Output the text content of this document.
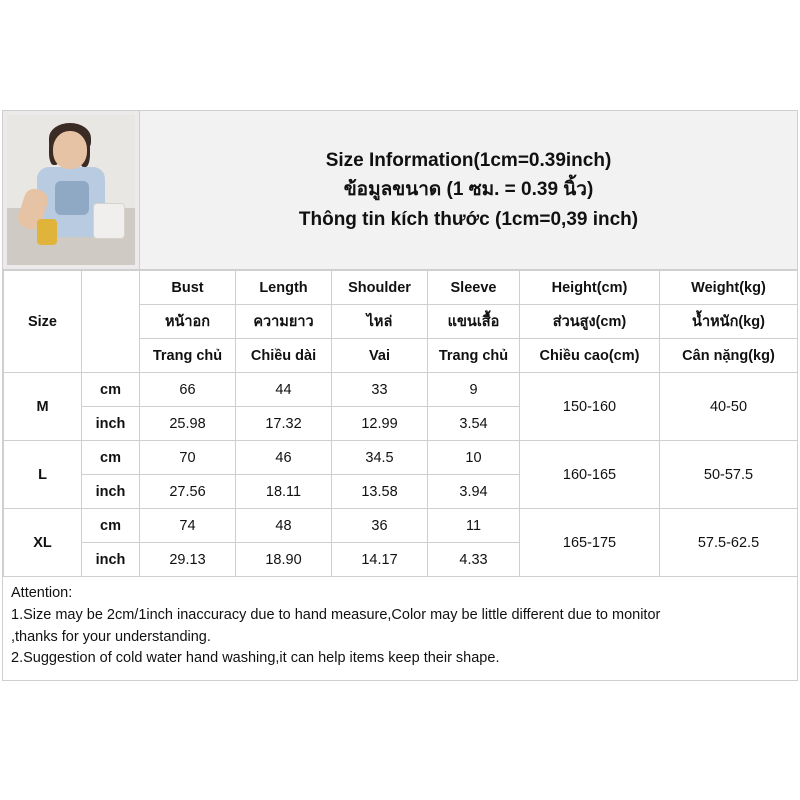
Size Information(1cm=0.39inch)
ข้อมูลขนาด (1 ซม. = 0.39 นิ้ว)
Thông tin kích thước (1cm=0,39 inch)
Size		Bust	Length	Shoulder	Sleeve	Height(cm)	Weight(kg)
		หน้าอก	ความยาว	ไหล่	แขนเสื้อ	ส่วนสูง(cm)	น้ำหนัก(kg)
		Trang chủ	Chiều dài	Vai	Trang chủ	Chiều cao(cm)	Cân nặng(kg)
M	cm	66	44	33	9	150-160	40-50
	inch	25.98	17.32	12.99	3.54		
L	cm	70	46	34.5	10	160-165	50-57.5
	inch	27.56	18.11	13.58	3.94		
XL	cm	74	48	36	11	165-175	57.5-62.5
	inch	29.13	18.90	14.17	4.33		
Attention:
1.Size may be 2cm/1inch inaccuracy due to hand measure,Color may be little different due to monitor
,thanks for your understanding.
2.Suggestion of cold water hand washing,it can help items keep their shape.
